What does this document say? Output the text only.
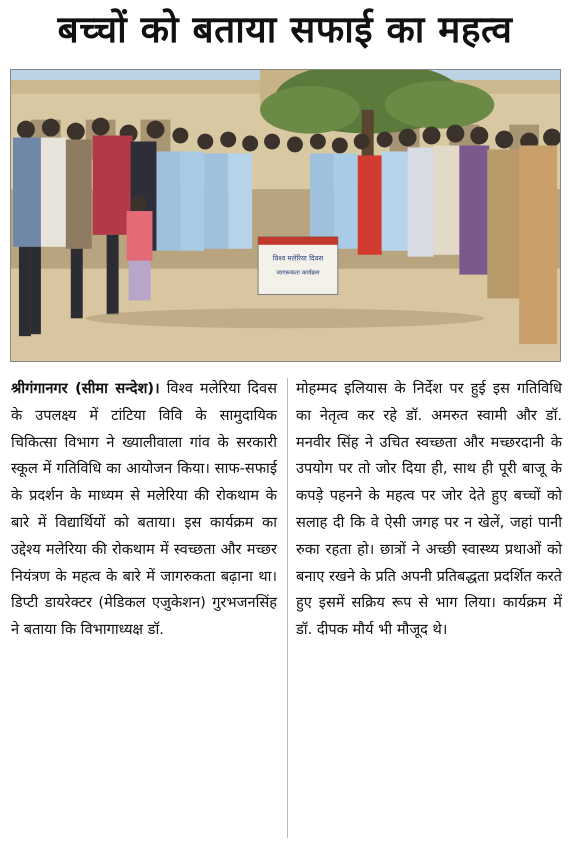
बच्चों को बताया सफाई का महत्व
विश्व मलेरिया दिवस
जागरूकता कार्यक्रम
श्रीगंगानगर (सीमा सन्देश)। विश्व मलेरिया दिवस के उपलक्ष्य में टांटिया विवि के सामुदायिक चिकित्सा विभाग ने ख्यालीवाला गांव के सरकारी स्कूल में गतिविधि का आयोजन किया। साफ-सफाई के प्रदर्शन के माध्यम से मलेरिया की रोकथाम के बारे में विद्यार्थियों को बताया। इस कार्यक्रम का उद्देश्य मलेरिया की रोकथाम में स्वच्छता और मच्छर नियंत्रण के महत्व के बारे में जागरुकता बढ़ाना था। डिप्टी डायरेक्टर (मेडिकल एजुकेशन) गुरभजनसिंह ने बताया कि विभागाध्यक्ष डॉ.
मोहम्मद इलियास के निर्देश पर हुई इस गतिविधि का नेतृत्व कर रहे डॉ. अमरुत स्वामी और डॉ. मनवीर सिंह ने उचित स्वच्छता और मच्छरदानी के उपयोग पर तो जोर दिया ही, साथ ही पूरी बाजू के कपड़े पहनने के महत्व पर जोर देते हुए बच्चों को सलाह दी कि वे ऐसी जगह पर न खेलें, जहां पानी रुका रहता हो। छात्रों ने अच्छी स्वास्थ्य प्रथाओं को बनाए रखने के प्रति अपनी प्रतिबद्धता प्रदर्शित करते हुए इसमें सक्रिय रूप से भाग लिया। कार्यक्रम में डॉ. दीपक मौर्य भी मौजूद थे।
